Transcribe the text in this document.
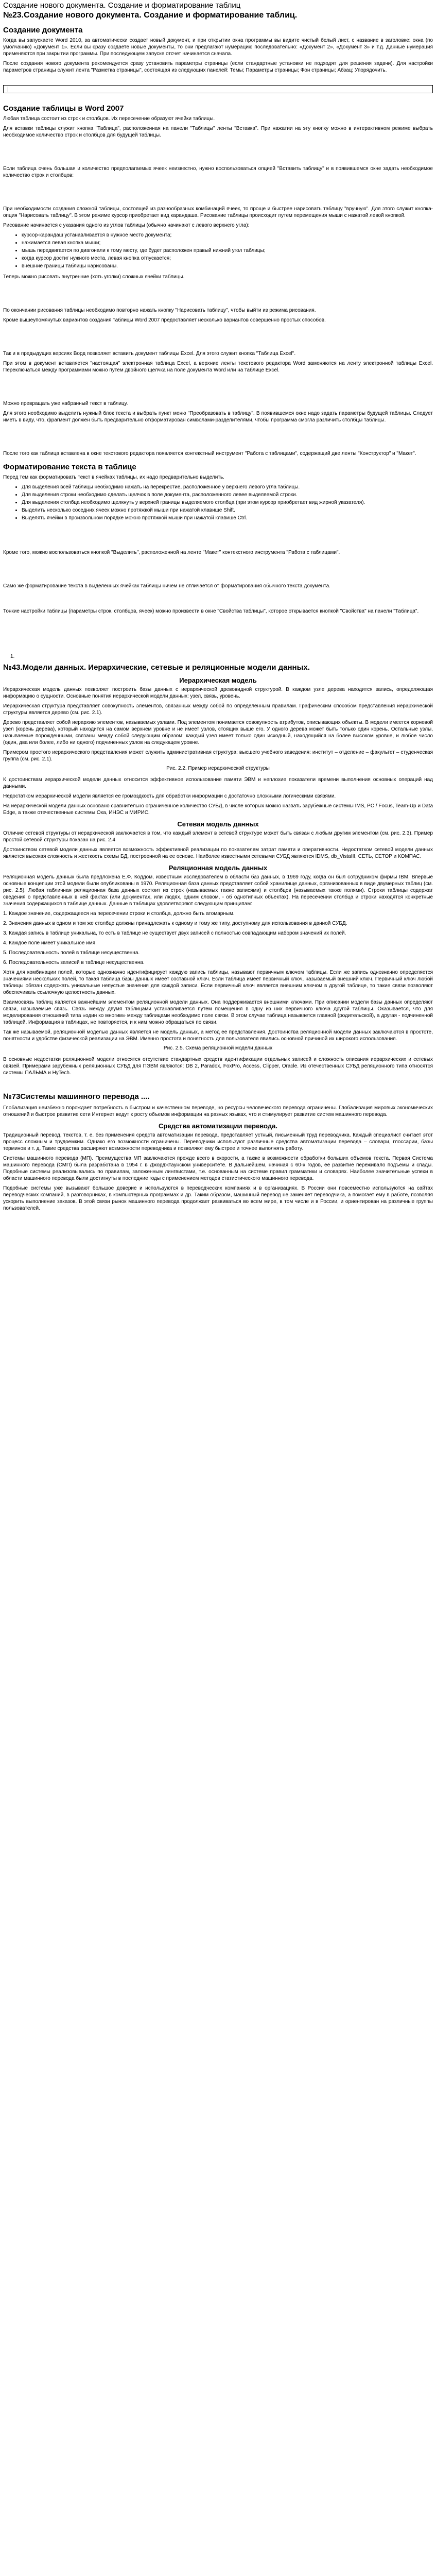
Создание нового документа. Создание и форматирование таблиц
№23.Создание нового документа. Создание и форматирование таблиц.
Создание документа

Когда вы запускаете Word 2010, за автоматически создает новый документ, и при открытии окна программы вы видите чистый белый лист, с название в заголовке: окна (по умолчанию) «Документ 1». Если вы сразу создаете новые документы, то они предлагают нумерацию последовательно: «Документ 2», «Документ 3» и т.д. Данные нумерация применяются при закрытии программы. При последующем запуске отсчет начинается сначала.

После создания нового документа рекомендуется сразу установить параметры страницы (если стандартные установки не подходят для решения задачи). Для настройки параметров страницы служит лента "Разметка страницы", состоящая из следующих панелей: Темы; Параметры страницы; Фон страницы; Абзац; Упорядочить.

Создание таблицы в Word 2007

Любая таблица состоит из строк и столбцов. Их пересечение образуют ячейки таблицы.

Для вставки таблицы служит кнопка "Таблица", расположенная на панели "Таблицы" ленты "Вставка". При нажатии на эту кнопку можно в интерактивном режиме выбрать необходимое количество строк и столбцов для будущей таблицы.

Если таблица очень большая и количество предполагаемых ячеек неизвестно, нужно воспользоваться опцией "Вставить таблицу" и в появившемся окне задать необходимое количество строк и столбцов:

При необходимости создания сложной таблицы, состоящей из разнообразных комбинаций ячеек, то проще и быстрее нарисовать таблицу "вручную". Для этого служит кнопка-опция "Нарисовать таблицу". В этом режиме курсор приобретает вид карандаша. Рисование таблицы происходит путем перемещения мыши с нажатой левой кнопкой.

Рисование начинается с указания одного из углов таблицы (обычно начинают с левого верхнего угла):

• курсор-карандаш устанавливается в нужное место документа;
• нажимается левая кнопка мыши;
• мышь передвигается по диагонали к тому месту, где будет расположен правый нижний угол таблицы;
• когда курсор достиг нужного места, левая кнопка отпускается;
• внешние границы таблицы нарисованы.

Теперь можно рисовать внутренние (хоть уголки) сложных ячейки таблицы.

По окончании рисования таблицы необходимо повторно нажать кнопку "Нарисовать таблицу", чтобы выйти из режима рисования.

Кроме вышеупомянутых вариантов создания таблицы Word 2007 предоставляет несколько вариантов совершенно простых способов.

Так и в предыдущих версиях Ворд позволяет вставить документ таблицы Excel. Для этого служит кнопка "Таблица Excel".

При этом в документ вставляется "настоящая" электронная таблица Excel, а верхние ленты текстового редактора Word заменяются на ленту электронной таблицы Excel. Переключаться между программами можно путем двойного щелчка на поле документа Word или на таблице Excel.

Можно превращать уже набранный текст в таблицу.

Для этого необходимо выделить нужный блок текста и выбрать пункт меню "Преобразовать в таблицу". В появившемся окне надо задать параметры будущей таблицы. Следует иметь в виду, что, фрагмент должен быть предварительно отформатирован символами-разделителями, чтобы программа смогла различить столбцы таблицы.

После того как таблица вставлена в окне текстового редактора появляется контекстный инструмент "Работа с таблицами", содержащий две ленты "Конструктор" и "Макет".

Форматирование текста в таблице

Перед тем как форматировать текст в ячейках таблицы, их надо предварительно выделить.

• Для выделения всей таблицы необходимо нажать на перекрестие, расположенное у верхнего левого угла таблицы.
• Для выделения строки необходимо сделать щелчок в поле документа, расположенного левее выделяемой строки.
• Для выделения столбца необходимо щелкнуть у верхней границы выделяемого столбца (при этом курсор приобретает вид жирной указателя).
• Выделить несколько соседних ячеек можно протяжкой мыши при нажатой клавише Shift.
• Выделять ячейки в произвольном порядке можно протяжкой мыши при нажатой клавише Ctrl.

Кроме того, можно воспользоваться кнопкой "Выделить", расположенной на ленте "Макет" контекстного инструмента "Работа с таблицами".

Само же форматирование текста в выделенных ячейках таблицы ничем не отличается от форматирования обычного текста документа.

Тонкие настройки таблицы (параметры строк, столбцов, ячеек) можно произвести в окне "Свойства таблицы", которое открывается кнопкой "Свойства" на панели "Таблица".

1.
№43.Модели данных. Иерархические, сетевые и реляционные модели данных.
Иерархическая модель

Иерархическая модель данных позволяет построить базы данных с иерархической древовидной структурой. В каждом узле дерева находится запись, определяющая информацию о сущности. Основные понятия иерархической модели данных: узел, связь, уровень.

Иерархическая структура представляет совокупность элементов, связанных между собой по определенным правилам. Графическим способом представления иерархической структуры является дерево (см. рис. 2.1).

Дерево представляет собой иерархию элементов, называемых узлами. Под элементом понимается совокупность атрибутов, описывающих объекты. В модели имеется корневой узел (корень дерева), который находится на самом верхнем уровне и не имеет узлов, стоящих выше его. У одного дерева может быть только один корень. Остальные узлы, называемые порожденными, связаны между собой следующим образом: каждый узел имеет только один исходный, находящийся на более высоком уровне, и любое число (один, два или более, либо ни одного) подчиненных узлов на следующем уровне.

Примером простого иерархического представления может служить административная структура: высшего учебного заведения: институт – отделение – факультет – студенческая группа (см. рис. 2.1).

Рис. 2.2. Пример иерархической структуры

К достоинствам иерархической модели данных относится эффективное использование памяти ЭВМ и неплохие показатели времени выполнения основных операций над данными.

Недостатком иерархической модели является ее громоздкость для обработки информации с достаточно сложными логическими связями.

На иерархической модели данных основано сравнительно ограниченное количество СУБД, в числе которых можно назвать зарубежные системы IMS, PC / Focus, Team-Up и Data Edge, а также отечественные системы Ока, ИНЭС и МИРИС.

Сетевая модель данных

Отличие сетевой структуры от иерархической заключается в том, что каждый элемент в сетевой структуре может быть связан с любым другим элементом (см. рис. 2.3). Пример простой сетевой структуры показан на рис. 2.4

Достоинством сетевой модели данных является возможность эффективной реализации по показателям затрат памяти и оперативности. Недостатком сетевой модели данных является высокая сложность и жесткость схемы БД, построенной на ее основе. Наиболее известными сетевыми СУБД являются IDMS, db_VistaIII, СЕТЬ, СЕТОР и КОМПАС.

Реляционная модель данных

Реляционная модель данных была предложена Е.Ф. Коддом, известным исследователем в области баз данных, в 1969 году, когда он был сотрудником фирмы IBM. Впервые основные концепции этой модели были опубликованы в 1970. Реляционная база данных представляет собой хранилище данных, организованных в виде двумерных таблиц (см. рис. 2.5). Любая табличная реляционная база данных состоит из строк (называемых также записями) и столбцов (называемых также полями). Строки таблицы содержат сведения о представленных в ней фактах (или документах, или людях, одним словом, - об однотипных объектах). На пересечении столбца и строки находятся конкретные значения содержащихся в таблице данных. Данные в таблицах удовлетворяют следующим принципам:

1. Каждое значение, содержащееся на пересечении строки и столбца, должно быть атомарным.

2. Значения данных в одном и том же столбце должны принадлежать к одному и тому же типу, доступному для использования в данной СУБД.

3. Каждая запись в таблице уникальна, то есть в таблице не существует двух записей с полностью совпадающим набором значений их полей.

4. Каждое поле имеет уникальное имя.

5. Последовательность полей в таблице несущественна.

6. Последовательность записей в таблице несущественна.

Хотя для комбинации полей, которые однозначно идентифицирует каждую запись таблицы, называют первичным ключом таблицы. Если же запись однозначно определяется значениями нескольких полей, то такая таблица базы данных имеет составной ключ. Если таблица имеет первичный ключ, называемый внешний ключ. Первичный ключ любой таблицы обязан содержать уникальные непустые значения для каждой записи. Если первичный ключ является внешним ключом в другой таблице, то такие связи позволяют обеспечивать ссылочную целостность данных.

Взаимосвязь таблиц является важнейшим элементом реляционной модели данных. Она поддерживается внешними ключами. При описании модели базы данных определяют связи, называемые связь. Связь между двумя таблицами устанавливается путем помещения в одну из них первичного ключа другой таблицы. Оказывается, что для моделирования отношений типа «один ко многим» между таблицами необходимо поле связи. В этом случае таблица называется главной (родительской), а другая - подчиненной таблицей. Информация в таблицах, не повторяется, и к ним можно обращаться по связи.

Так же называемой, реляционной моделью данных является не модель данных, а метод ее представления. Достоинства реляционной модели данных заключаются в простоте, понятности и удобстве физической реализации на ЭВМ. Именно простота и понятность для пользователя явились основной причиной их широкого использования.

Рис. 2.5. Схема реляционной модели данных

В основные недостатки реляционной модели относятся отсутствие стандартных средств идентификации отдельных записей и сложность описания иерархических и сетевых связей. Примерами зарубежных реляционных СУБД для ПЭВМ являются: DB 2, Paradox, FoxPro, Access, Clipper, Oracle. Из отечественных СУБД реляционного типа относятся системы ПАЛЬМА и HyTech.

№73Системы машинного перевода ....

Глобализация неизбежно порождает потребность в быстром и качественном переводе, но ресурсы человеческого перевода ограничены. Глобализация мировых экономических отношений и быстрое развитие сети Интернет ведут к росту объемов информации на разных языках, что и стимулирует развитие систем машинного перевода.

Средства автоматизации перевода.

Традиционный перевод, текстов, т. е. без применения средств автоматизации перевода, представляет устный, письменный труд переводчика. Каждый специалист считает этот процесс сложным и трудоемким. Однако его возможности ограничены. Переводчики используют различные средства автоматизации перевода – словари, глоссарии, базы терминов и т. д. Такие средства расширяют возможности переводчика и позволяют ему быстрее и точнее выполнять работу.

Системы машинного перевода (МП). Преимущества МП заключаются прежде всего в скорости, а также в возможности обработки больших объемов текста. Первая Система машинного перевода (СМП) была разработана в 1954 г. в Джорджтаунском университете. В дальнейшем, начиная с 60-х годов, ее развитие переживало подъемы и спады. Подобные системы реализовывались по правилам, заложенным лингвистами, т.е. основанным на системе правил грамматики и словарях. Наиболее значительные успехи в области машинного перевода были достигнуты в последние годы с применением методов статистического машинного перевода.

Подобные системы уже вызывают большое доверие и используются в переводческих компаниях и в организациях. В России они повсеместно используются на сайтах переводческих компаний, в разговорниках, в компьютерных программах и др. Таким образом, машинный перевод не заменяет переводчика, а помогает ему в работе, позволяя ускорить выполнение заказов. В этой связи рынок машинного перевода продолжает развиваться во всем мире, в том числе и в России, и ориентирован на различные группы пользователей.
